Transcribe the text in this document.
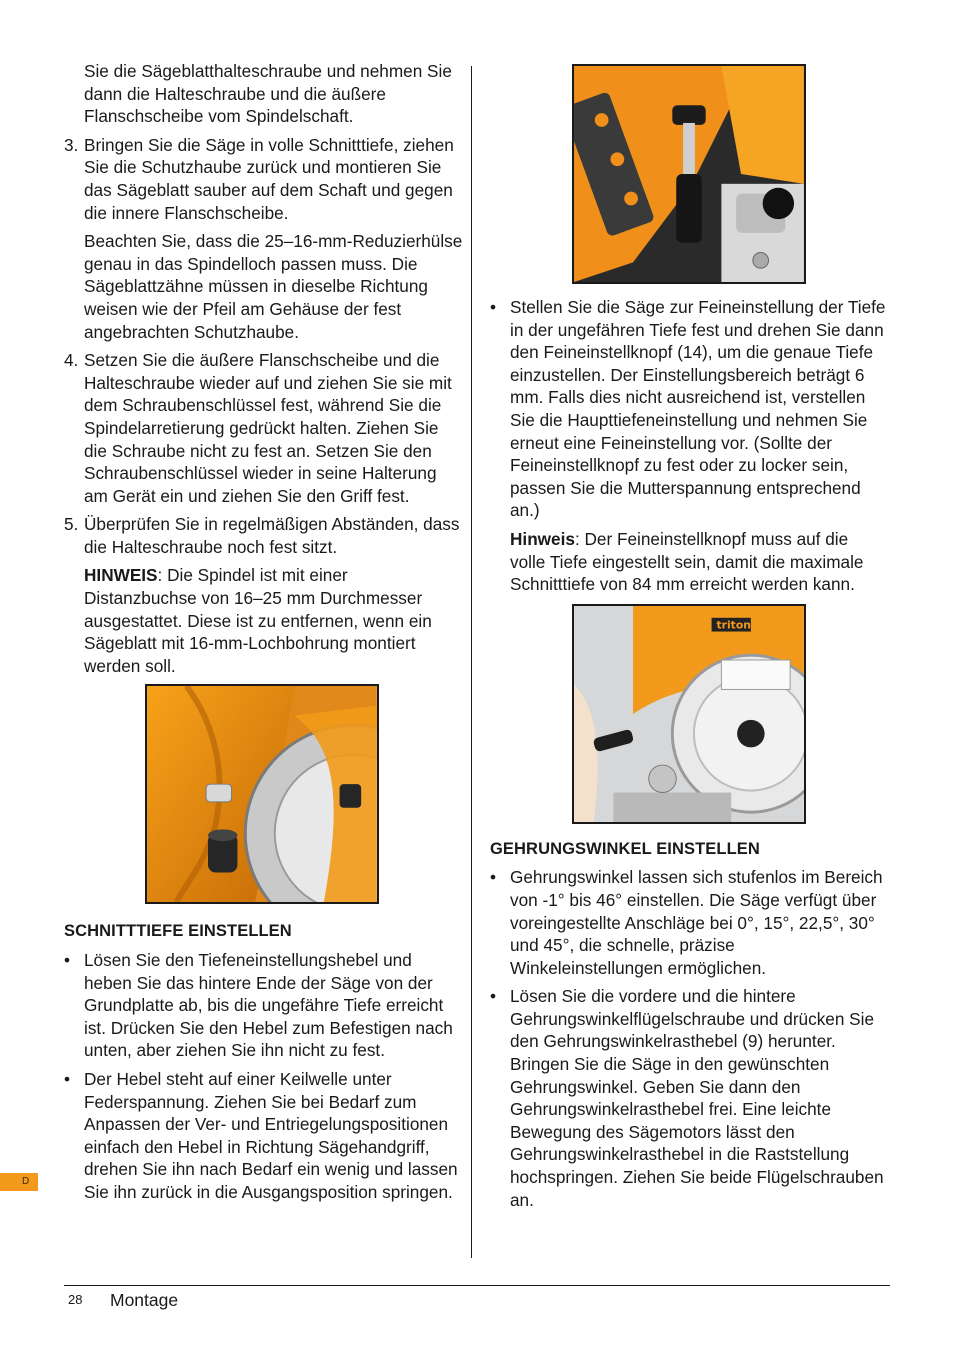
Sie die Sägeblatthalteschraube und nehmen Sie dann die Halteschraube und die äußere Flanschscheibe vom Spindelschaft.

3. Bringen Sie die Säge in volle Schnitttiefe, ziehen Sie die Schutzhaube zurück und montieren Sie das Sägeblatt sauber auf dem Schaft und gegen die innere Flanschscheibe.

Beachten Sie, dass die 25–16-mm-Reduzierhülse genau in das Spindelloch passen muss. Die Sägeblattzähne müssen in dieselbe Richtung weisen wie der Pfeil am Gehäuse der fest angebrachten Schutzhaube.

4. Setzen Sie die äußere Flanschscheibe und die Halteschraube wieder auf und ziehen Sie sie mit dem Schraubenschlüssel fest, während Sie die Spindelarretierung gedrückt halten. Ziehen Sie die Schraube nicht zu fest an. Setzen Sie den Schraubenschlüssel wieder in seine Halterung am Gerät ein und ziehen Sie den Griff fest.
5. Überprüfen Sie in regelmäßigen Abständen, dass die Halteschraube noch fest sitzt.

HINWEIS: Die Spindel ist mit einer Distanzbuchse von 16–25 mm Durchmesser ausgestattet. Diese ist zu entfernen, wenn ein Sägeblatt mit 16-mm-Lochbohrung montiert werden soll.

SCHNITTTIEFE EINSTELLEN

• Lösen Sie den Tiefeneinstellungshebel und heben Sie das hintere Ende der Säge von der Grundplatte ab, bis die ungefähre Tiefe erreicht ist. Drücken Sie den Hebel zum Befestigen nach unten, aber ziehen Sie ihn nicht zu fest.
• Der Hebel steht auf einer Keilwelle unter Federspannung. Ziehen Sie bei Bedarf zum Anpassen der Ver- und Entriegelungspositionen einfach den Hebel in Richtung Sägehandgriff, drehen Sie ihn nach Bedarf ein wenig und lassen Sie ihn zurück in die Ausgangsposition springen.
• Stellen Sie die Säge zur Feineinstellung der Tiefe in der ungefähren Tiefe fest und drehen Sie dann den Feineinstellknopf (14), um die genaue Tiefe einzustellen. Der Einstellungsbereich beträgt 6 mm. Falls dies nicht ausreichend ist, verstellen Sie die Haupttiefeneinstellung und nehmen Sie erneut eine Feineinstellung vor. (Sollte der Feineinstellknopf zu fest oder zu locker sein, passen Sie die Mutterspannung entsprechend an.)

Hinweis: Der Feineinstellknopf muss auf die volle Tiefe eingestellt sein, damit die maximale Schnitttiefe von 84 mm erreicht werden kann.

triton

GEHRUNGSWINKEL EINSTELLEN

• Gehrungswinkel lassen sich stufenlos im Bereich von -1° bis 46° einstellen. Die Säge verfügt über voreingestellte Anschläge bei 0°, 15°, 22,5°, 30° und 45°, die schnelle, präzise Winkeleinstellungen ermöglichen.
• Lösen Sie die vordere und die hintere Gehrungswinkelflügelschraube und drücken Sie den Gehrungswinkelrasthebel (9) herunter. Bringen Sie die Säge in den gewünschten Gehrungswinkel. Geben Sie dann den Gehrungswinkelrasthebel frei. Eine leichte Bewegung des Sägemotors lässt den Gehrungswinkelrasthebel in die Raststellung hochspringen. Ziehen Sie beide Flügelschrauben an.
D
28 Montage
